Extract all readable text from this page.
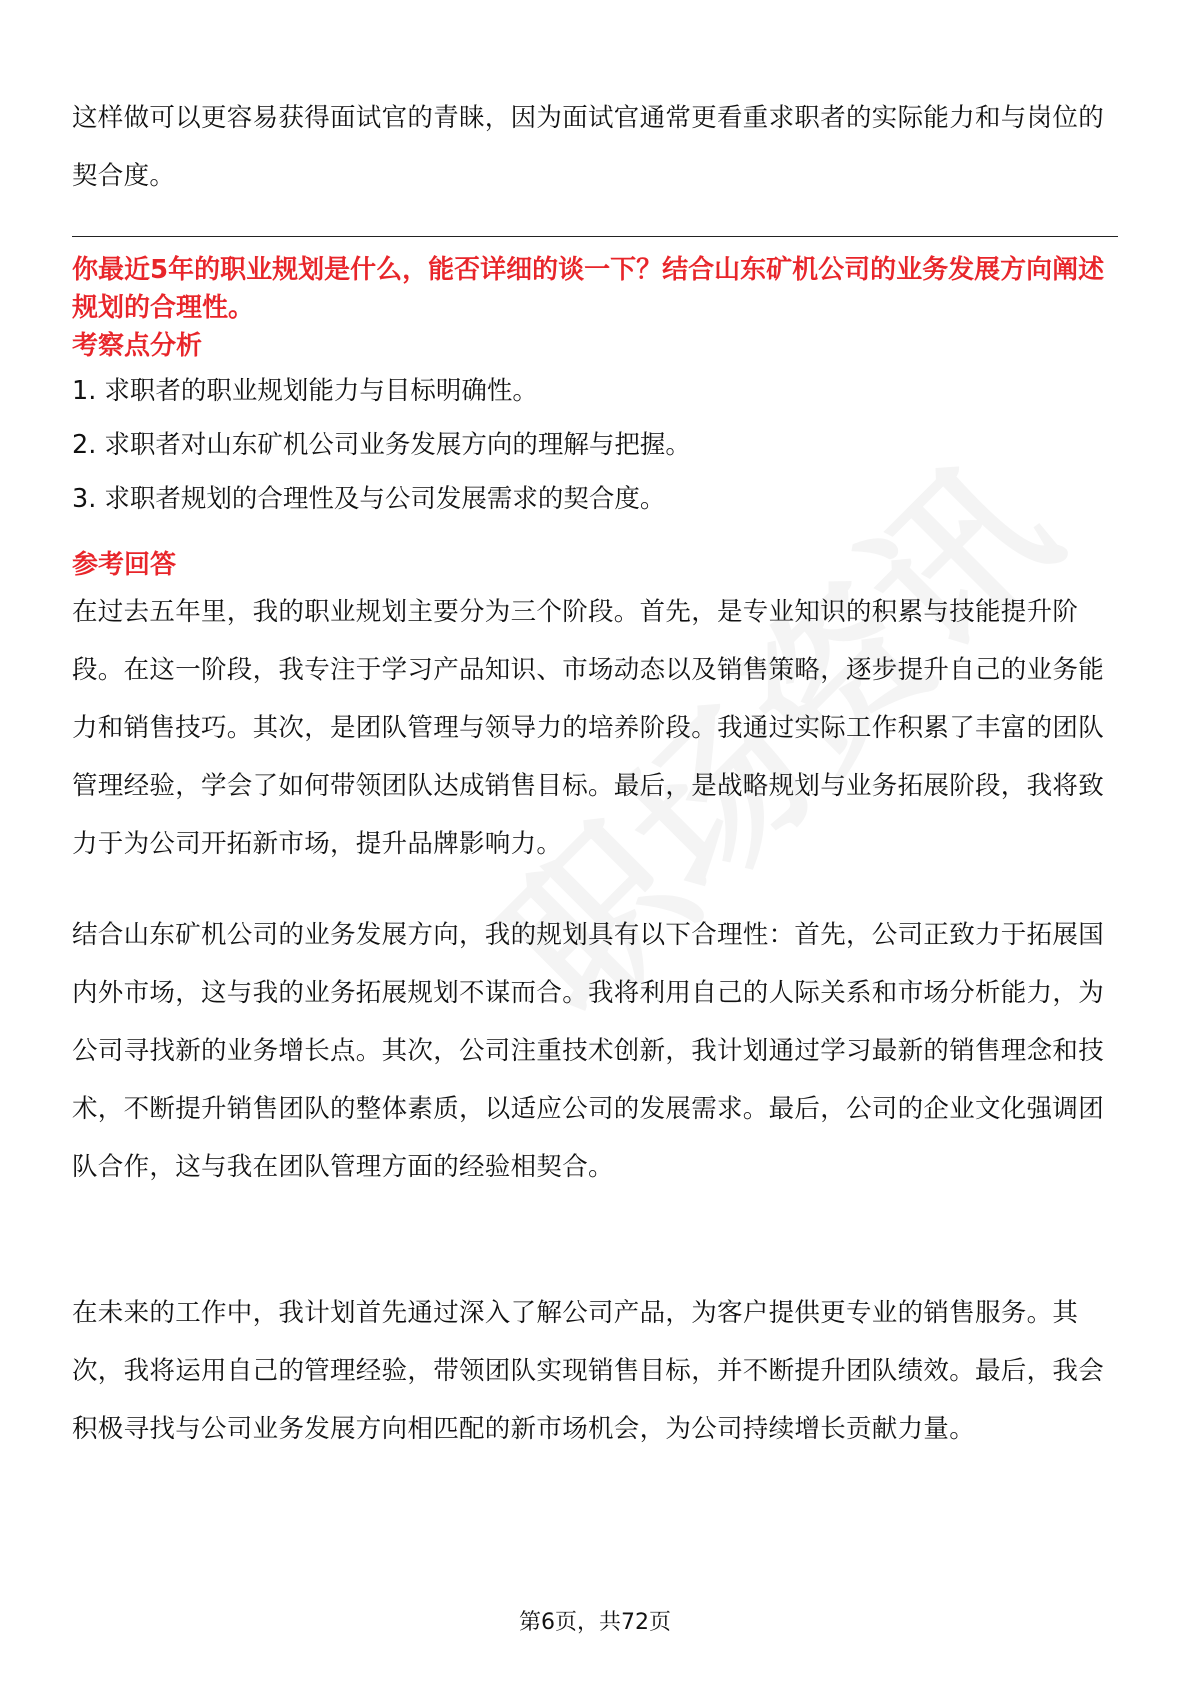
这样做可以更容易获得面试官的青睐，因为面试官通常更看重求职者的实际能力和与岗位的契合度。

你最近5年的职业规划是什么，能否详细的谈一下？结合山东矿机公司的业务发展方向阐述规划的合理性。

考察点分析

1. 求职者的职业规划能力与目标明确性。

2. 求职者对山东矿机公司业务发展方向的理解与把握。

3. 求职者规划的合理性及与公司发展需求的契合度。

参考回答

在过去五年里，我的职业规划主要分为三个阶段。首先，是专业知识的积累与技能提升阶段。在这一阶段，我专注于学习产品知识、市场动态以及销售策略，逐步提升自己的业务能力和销售技巧。其次，是团队管理与领导力的培养阶段。我通过实际工作积累了丰富的团队管理经验，学会了如何带领团队达成销售目标。最后，是战略规划与业务拓展阶段，我将致力于为公司开拓新市场，提升品牌影响力。

结合山东矿机公司的业务发展方向，我的规划具有以下合理性：首先，公司正致力于拓展国内外市场，这与我的业务拓展规划不谋而合。我将利用自己的人际关系和市场分析能力，为公司寻找新的业务增长点。其次，公司注重技术创新，我计划通过学习最新的销售理念和技术，不断提升销售团队的整体素质，以适应公司的发展需求。最后，公司的企业文化强调团队合作，这与我在团队管理方面的经验相契合。

在未来的工作中，我计划首先通过深入了解公司产品，为客户提供更专业的销售服务。其次，我将运用自己的管理经验，带领团队实现销售目标，并不断提升团队绩效。最后，我会积极寻找与公司业务发展方向相匹配的新市场机会，为公司持续增长贡献力量。

第6页，共72页
